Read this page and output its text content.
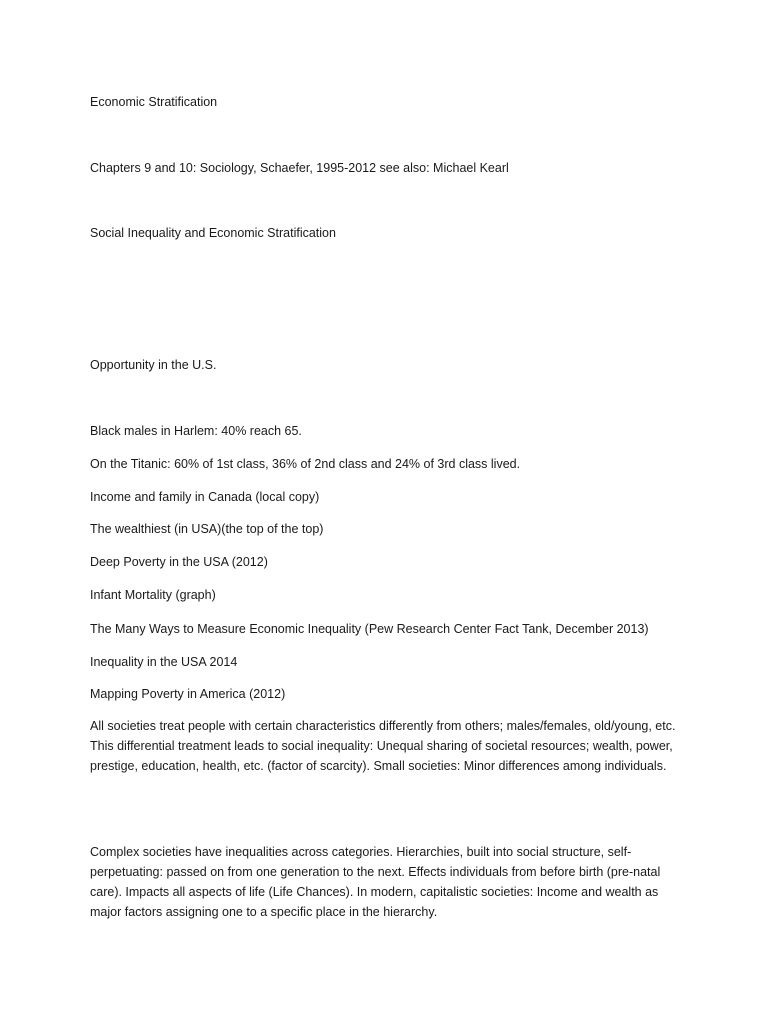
Economic Stratification

Chapters 9 and 10: Sociology, Schaefer, 1995-2012 see also: Michael Kearl

Social Inequality and Economic Stratification

Opportunity in the U.S.

Black males in Harlem: 40% reach 65.

On the Titanic: 60% of 1st class, 36% of 2nd class and 24% of 3rd class lived.

Income and family in Canada (local copy)

The wealthiest (in USA)(the top of the top)

Deep Poverty in the USA (2012)

Infant Mortality (graph)

The Many Ways to Measure Economic Inequality (Pew Research Center Fact Tank, December 2013)

Inequality in the USA 2014

Mapping Poverty in America (2012)

All societies treat people with certain characteristics differently from others; males/females, old/young, etc. This differential treatment leads to social inequality: Unequal sharing of societal resources; wealth, power, prestige, education, health, etc. (factor of scarcity). Small societies: Minor differences among individuals.

Complex societies have inequalities across categories. Hierarchies, built into social structure, self-perpetuating: passed on from one generation to the next. Effects individuals from before birth (pre-natal care). Impacts all aspects of life (Life Chances). In modern, capitalistic societies: Income and wealth as major factors assigning one to a specific place in the hierarchy.
